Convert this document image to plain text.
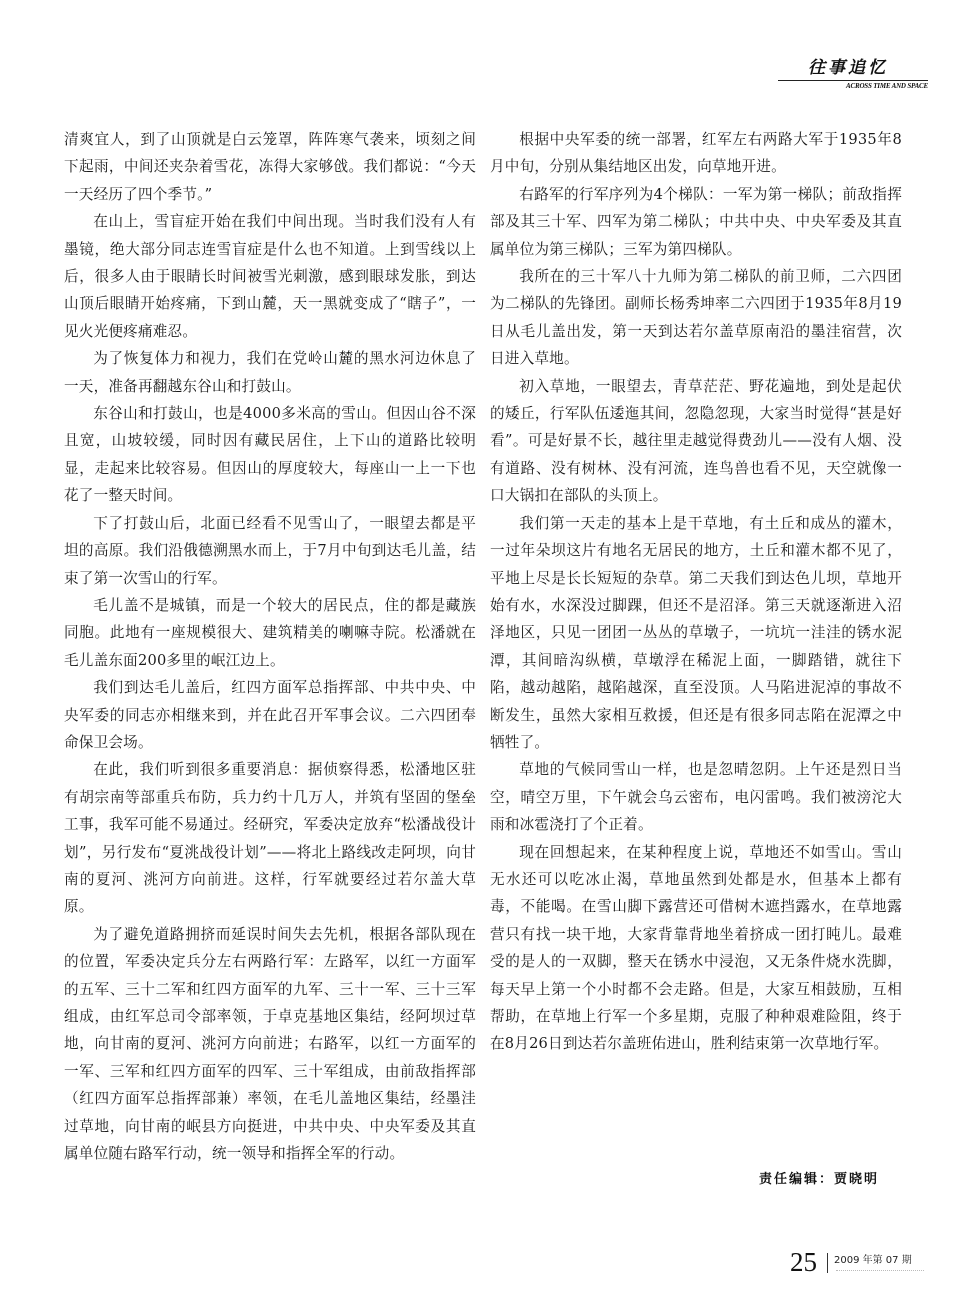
往事追忆
ACROSS TIME AND SPACE

清爽宜人，到了山顶就是白云笼罩，阵阵寒气袭来，顷刻之间下起雨，中间还夹杂着雪花，冻得大家够戗。我们都说：“今天一天经历了四个季节。”

在山上，雪盲症开始在我们中间出现。当时我们没有人有墨镜，绝大部分同志连雪盲症是什么也不知道。上到雪线以上后，很多人由于眼睛长时间被雪光刺激，感到眼球发胀，到达山顶后眼睛开始疼痛，下到山麓，天一黑就变成了“瞎子”，一见火光便疼痛难忍。

为了恢复体力和视力，我们在党岭山麓的黑水河边休息了一天，准备再翻越东谷山和打鼓山。

东谷山和打鼓山，也是4000多米高的雪山。但因山谷不深且宽，山坡较缓，同时因有藏民居住，上下山的道路比较明显，走起来比较容易。但因山的厚度较大，每座山一上一下也花了一整天时间。

下了打鼓山后，北面已经看不见雪山了，一眼望去都是平坦的高原。我们沿俄德溯黑水而上，于7月中旬到达毛儿盖，结束了第一次雪山的行军。

毛儿盖不是城镇，而是一个较大的居民点，住的都是藏族同胞。此地有一座规模很大、建筑精美的喇嘛寺院。松潘就在毛儿盖东面200多里的岷江边上。

我们到达毛儿盖后，红四方面军总指挥部、中共中央、中央军委的同志亦相继来到，并在此召开军事会议。二六四团奉命保卫会场。

在此，我们听到很多重要消息：据侦察得悉，松潘地区驻有胡宗南等部重兵布防，兵力约十几万人，并筑有坚固的堡垒工事，我军可能不易通过。经研究，军委决定放弃“松潘战役计划”，另行发布“夏洮战役计划”——将北上路线改走阿坝，向甘南的夏河、洮河方向前进。这样，行军就要经过若尔盖大草原。

为了避免道路拥挤而延误时间失去先机，根据各部队现在的位置，军委决定兵分左右两路行军：左路军，以红一方面军的五军、三十二军和红四方面军的九军、三十一军、三十三军组成，由红军总司令部率领，于卓克基地区集结，经阿坝过草地，向甘南的夏河、洮河方向前进；右路军，以红一方面军的一军、三军和红四方面军的四军、三十军组成，由前敌指挥部（红四方面军总指挥部兼）率领，在毛儿盖地区集结，经墨洼过草地，向甘南的岷县方向挺进，中共中央、中央军委及其直属单位随右路军行动，统一领导和指挥全军的行动。

根据中央军委的统一部署，红军左右两路大军于1935年8月中旬，分别从集结地区出发，向草地开进。

右路军的行军序列为4个梯队：一军为第一梯队；前敌指挥部及其三十军、四军为第二梯队；中共中央、中央军委及其直属单位为第三梯队；三军为第四梯队。

我所在的三十军八十九师为第二梯队的前卫师，二六四团为二梯队的先锋团。副师长杨秀坤率二六四团于1935年8月19日从毛儿盖出发，第一天到达若尔盖草原南沿的墨洼宿营，次日进入草地。

初入草地，一眼望去，青草茫茫、野花遍地，到处是起伏的矮丘，行军队伍逶迤其间，忽隐忽现，大家当时觉得“甚是好看”。可是好景不长，越往里走越觉得费劲儿——没有人烟、没有道路、没有树林、没有河流，连鸟兽也看不见，天空就像一口大锅扣在部队的头顶上。

我们第一天走的基本上是干草地，有土丘和成丛的灌木，一过年朵坝这片有地名无居民的地方，土丘和灌木都不见了，平地上尽是长长短短的杂草。第二天我们到达色儿坝，草地开始有水，水深没过脚踝，但还不是沼泽。第三天就逐渐进入沼泽地区，只见一团团一丛丛的草墩子，一坑坑一洼洼的锈水泥潭，其间暗沟纵横，草墩浮在稀泥上面，一脚踏错，就往下陷，越动越陷，越陷越深，直至没顶。人马陷进泥淖的事故不断发生，虽然大家相互救援，但还是有很多同志陷在泥潭之中牺牲了。

草地的气候同雪山一样，也是忽晴忽阴。上午还是烈日当空，晴空万里，下午就会乌云密布，电闪雷鸣。我们被滂沱大雨和冰雹浇打了个正着。

现在回想起来，在某种程度上说，草地还不如雪山。雪山无水还可以吃冰止渴，草地虽然到处都是水，但基本上都有毒，不能喝。在雪山脚下露营还可借树木遮挡露水，在草地露营只有找一块干地，大家背靠背地坐着挤成一团打盹儿。最难受的是人的一双脚，整天在锈水中浸泡，又无条件烧水洗脚，每天早上第一个小时都不会走路。但是，大家互相鼓励，互相帮助，在草地上行军一个多星期，克服了种种艰难险阻，终于在8月26日到达若尔盖班佑进山，胜利结束第一次草地行军。

责任编辑：贾晓明
25 2009 年第 07 期
